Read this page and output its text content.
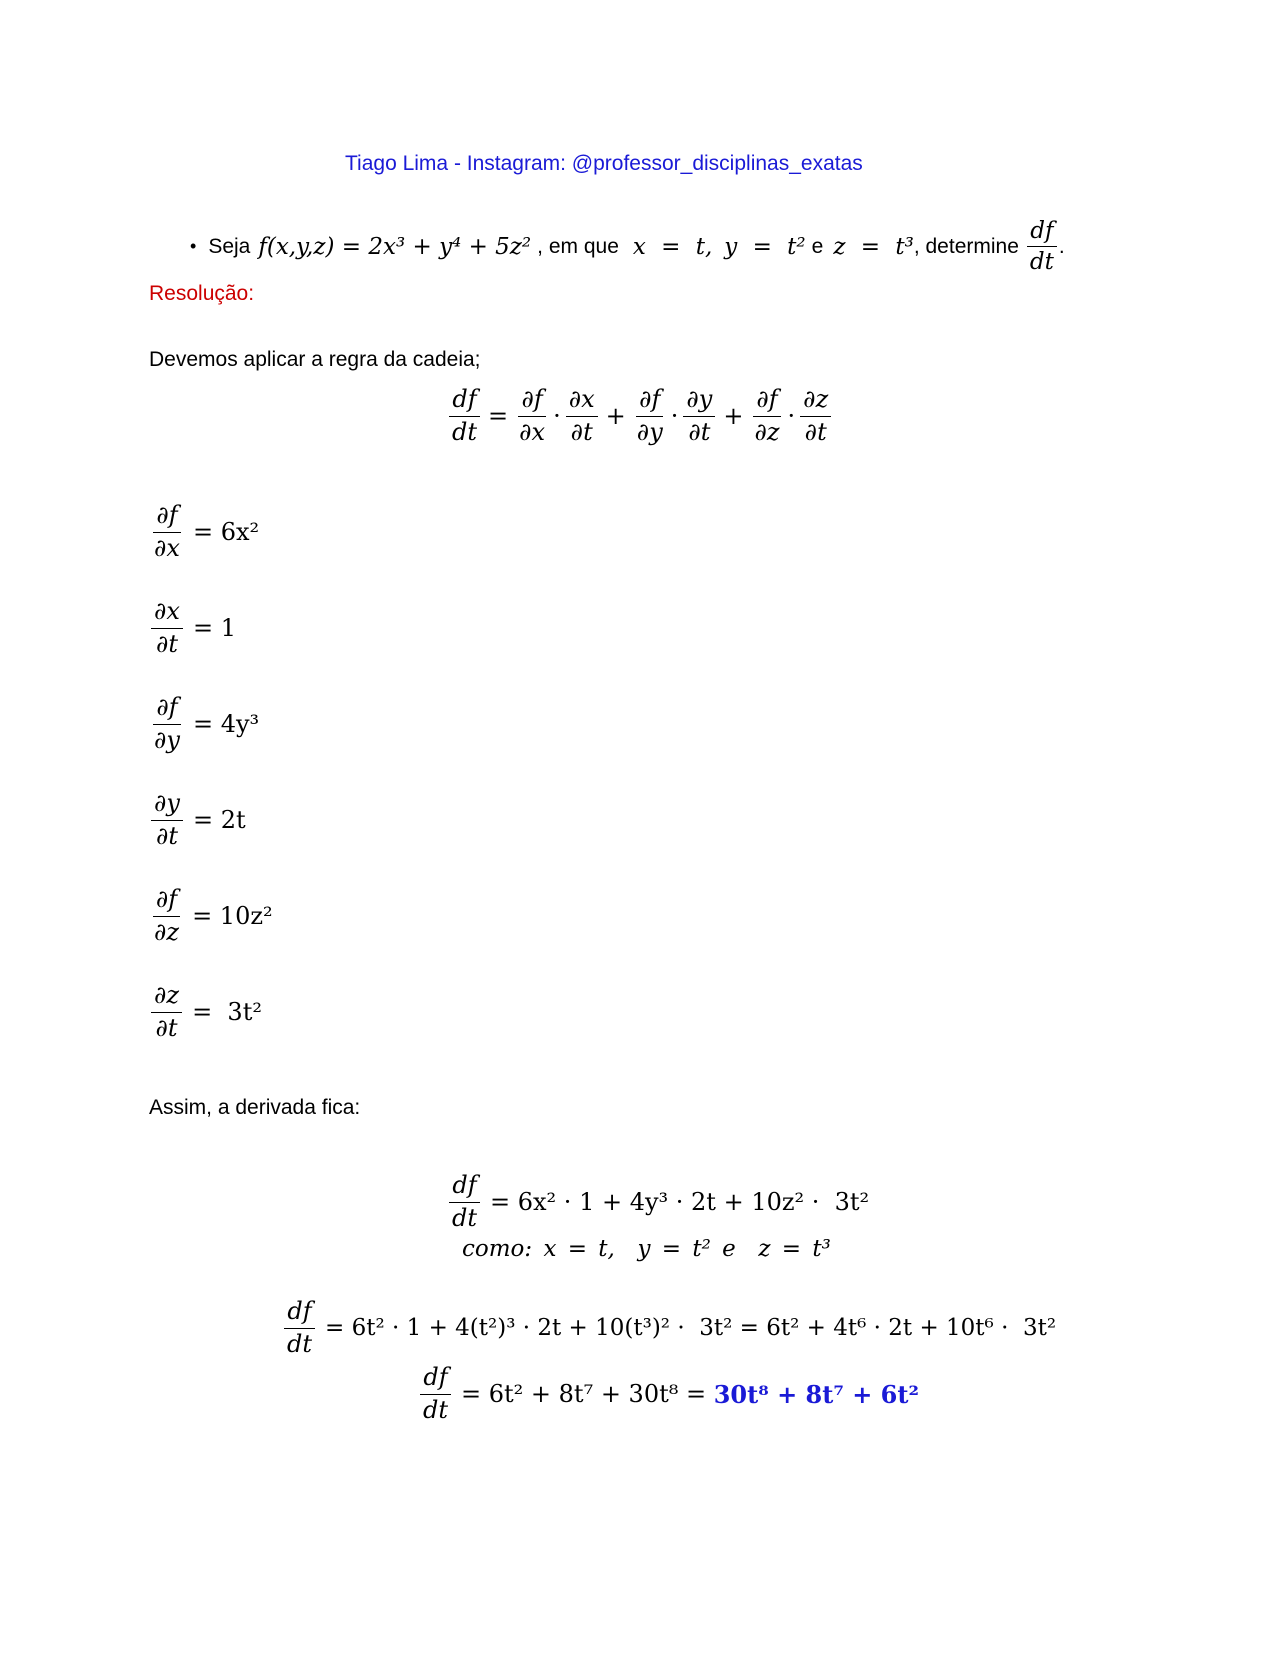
Tiago Lima - Instagram: @professor_disciplinas_exatas
• Seja f(x,y,z) = 2x³ + y⁴ + 5z² , em que x = t, y = t² e z = t³ , determine $\frac{df}{dt}$ .
Resolução:
Devemos aplicar a regra da cadeia;
$\frac{df}{dt} = \frac{\partial f}{\partial x} \cdot \frac{\partial x}{\partial t} + \frac{\partial f}{\partial y} \cdot \frac{\partial y}{\partial t} + \frac{\partial f}{\partial z} \cdot \frac{\partial z}{\partial t}$
$\frac{\partial f}{\partial x} = 6x^2$
$\frac{\partial x}{\partial t} = 1$
$\frac{\partial f}{\partial y} = 4y^3$
$\frac{\partial y}{\partial t} = 2t$
$\frac{\partial f}{\partial z} = 10z^2$
$\frac{\partial z}{\partial t} = 3t^2$
Assim, a derivada fica:
$\frac{df}{dt} = 6x^2 \cdot 1 + 4y^3 \cdot 2t + 10z^2 \cdot 3t^2$
como: x = t,  y = t² e  z = t³
$\frac{df}{dt} = 6t^2 \cdot 1 + 4(t^2)^3 \cdot 2t + 10(t^3)^2 \cdot 3t^2 = 6t^2 + 4t^6 \cdot 2t + 10t^6 \cdot 3t^2$
$\frac{df}{dt} = 6t^2 + 8t^7 + 30t^8 = 30t^8 + 8t^7 + 6t^2$
